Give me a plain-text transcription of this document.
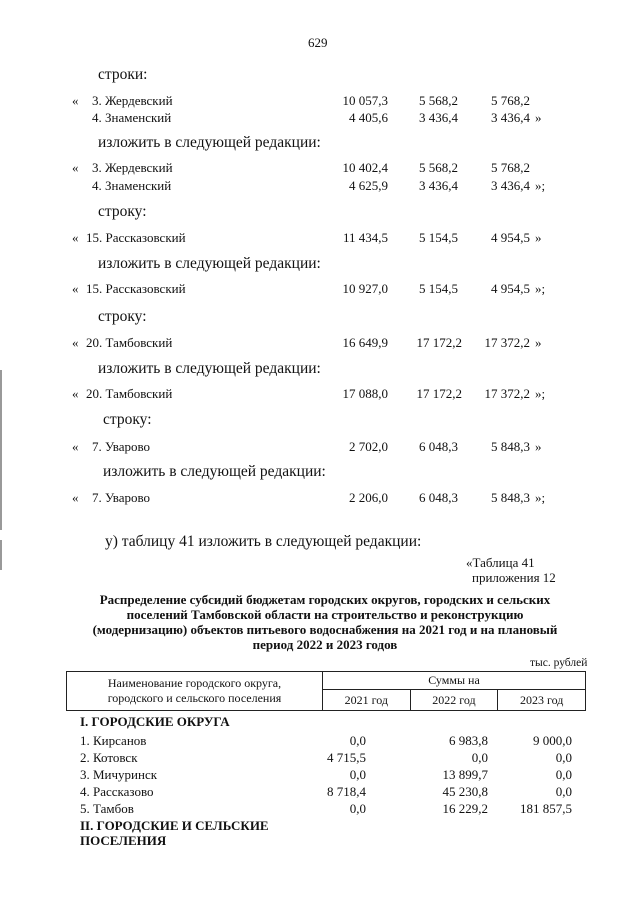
629
строки:
« 3. Жердевский	10 057,3	5 568,2	5 768,2
4. Знаменский	4 405,6	3 436,4	3 436,4 »
изложить в следующей редакции:
« 3. Жердевский	10 402,4	5 568,2	5 768,2
4. Знаменский	4 625,9	3 436,4	3 436,4 »;
строку:
« 15. Рассказовский	11 434,5	5 154,5	4 954,5 »
изложить в следующей редакции:
« 15. Рассказовский	10 927,0	5 154,5	4 954,5 »;
строку:
« 20. Тамбовский	16 649,9	17 172,2	17 372,2 »
изложить в следующей редакции:
« 20. Тамбовский	17 088,0	17 172,2	17 372,2 »;
строку:
« 7. Уварово	2 702,0	6 048,3	5 848,3 »
изложить в следующей редакции:
« 7. Уварово	2 206,0	6 048,3	5 848,3 »;
у) таблицу 41 изложить в следующей редакции:
«Таблица 41
приложения 12
Распределение субсидий бюджетам городских округов, городских и сельских
поселений Тамбовской области на строительство и реконструкцию
(модернизацию) объектов питьевого водоснабжения на 2021 год и на плановый
период 2022 и 2023 годов
тыс. рублей
Наименование городского округа,
городского и сельского поселения	Суммы на		
	2021 год	2022 год	2023 год
I. ГОРОДСКИЕ ОКРУГА
1. Кирсанов	0,0	6 983,8	9 000,0
2. Котовск	4 715,5	0,0	0,0
3. Мичуринск	0,0	13 899,7	0,0
4. Рассказово	8 718,4	45 230,8	0,0
5. Тамбов	0,0	16 229,2	181 857,5
II. ГОРОДСКИЕ И СЕЛЬСКИЕ
ПОСЕЛЕНИЯ
